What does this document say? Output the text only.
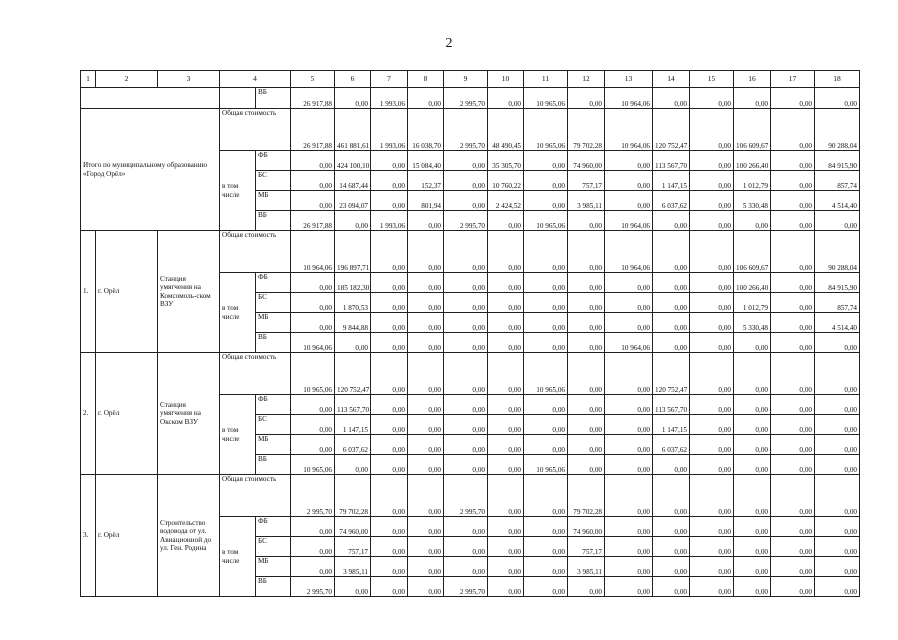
2
1	2	3	4		5	6	7	8	9	10	11	12	13	14	15	16	17	18
				ВБ	26 917,88	0,00	1 993,06	0,00	2 995,70	0,00	10 965,06	0,00	10 964,06	0,00	0,00	0,00	0,00	0,00
Итого по муниципальному образованию «Город Орёл»			Общая стоимость		26 917,88	461 881,61	1 993,06	16 038,70	2 995,70	48 490,45	10 965,06	79 702,28	10 964,06	120 752,47	0,00	106 609,67	0,00	90 288,04
			в том числе	ФБ	0,00	424 100,10	0,00	15 084,40	0,00	35 305,70	0,00	74 960,00	0,00	113 567,70	0,00	100 266,40	0,00	84 915,90
				БС	0,00	14 687,44	0,00	152,37	0,00	10 760,22	0,00	757,17	0,00	1 147,15	0,00	1 012,79	0,00	857,74
				МБ	0,00	23 094,07	0,00	801,94	0,00	2 424,52	0,00	3 985,11	0,00	6 037,62	0,00	5 330,48	0,00	4 514,40
				ВБ	26 917,88	0,00	1 993,06	0,00	2 995,70	0,00	10 965,06	0,00	10 964,06	0,00	0,00	0,00	0,00	0,00
1.	г. Орёл	Станция умягчения на Комсомоль-ском ВЗУ	Общая стоимость		10 964,06	196 897,71	0,00	0,00	0,00	0,00	0,00	0,00	10 964,06	0,00	0,00	106 609,67	0,00	90 288,04
			в том числе	ФБ	0,00	185 182,30	0,00	0,00	0,00	0,00	0,00	0,00	0,00	0,00	0,00	100 266,40	0,00	84 915,90
				БС	0,00	1 870,53	0,00	0,00	0,00	0,00	0,00	0,00	0,00	0,00	0,00	1 012,79	0,00	857,74
				МБ	0,00	9 844,88	0,00	0,00	0,00	0,00	0,00	0,00	0,00	0,00	0,00	5 330,48	0,00	4 514,40
				ВБ	10 964,06	0,00	0,00	0,00	0,00	0,00	0,00	0,00	10 964,06	0,00	0,00	0,00	0,00	0,00
2.	г. Орёл	Станция умягчения на Окском ВЗУ	Общая стоимость		10 965,06	120 752,47	0,00	0,00	0,00	0,00	10 965,06	0,00	0,00	120 752,47	0,00	0,00	0,00	0,00
			в том числе	ФБ	0,00	113 567,70	0,00	0,00	0,00	0,00	0,00	0,00	0,00	113 567,70	0,00	0,00	0,00	0,00
				БС	0,00	1 147,15	0,00	0,00	0,00	0,00	0,00	0,00	0,00	1 147,15	0,00	0,00	0,00	0,00
				МБ	0,00	6 037,62	0,00	0,00	0,00	0,00	0,00	0,00	0,00	6 037,62	0,00	0,00	0,00	0,00
				ВБ	10 965,06	0,00	0,00	0,00	0,00	0,00	10 965,06	0,00	0,00	0,00	0,00	0,00	0,00	0,00
3.	г. Орёл	Строительство водовода от ул. Авиационной до ул. Ген. Родина	Общая стоимость		2 995,70	79 702,28	0,00	0,00	2 995,70	0,00	0,00	79 702,28	0,00	0,00	0,00	0,00	0,00	0,00
			в том числе	ФБ	0,00	74 960,00	0,00	0,00	0,00	0,00	0,00	74 960,00	0,00	0,00	0,00	0,00	0,00	0,00
				БС	0,00	757,17	0,00	0,00	0,00	0,00	0,00	757,17	0,00	0,00	0,00	0,00	0,00	0,00
				МБ	0,00	3 985,11	0,00	0,00	0,00	0,00	0,00	3 985,11	0,00	0,00	0,00	0,00	0,00	0,00
				ВБ	2 995,70	0,00	0,00	0,00	2 995,70	0,00	0,00	0,00	0,00	0,00	0,00	0,00	0,00	0,00
